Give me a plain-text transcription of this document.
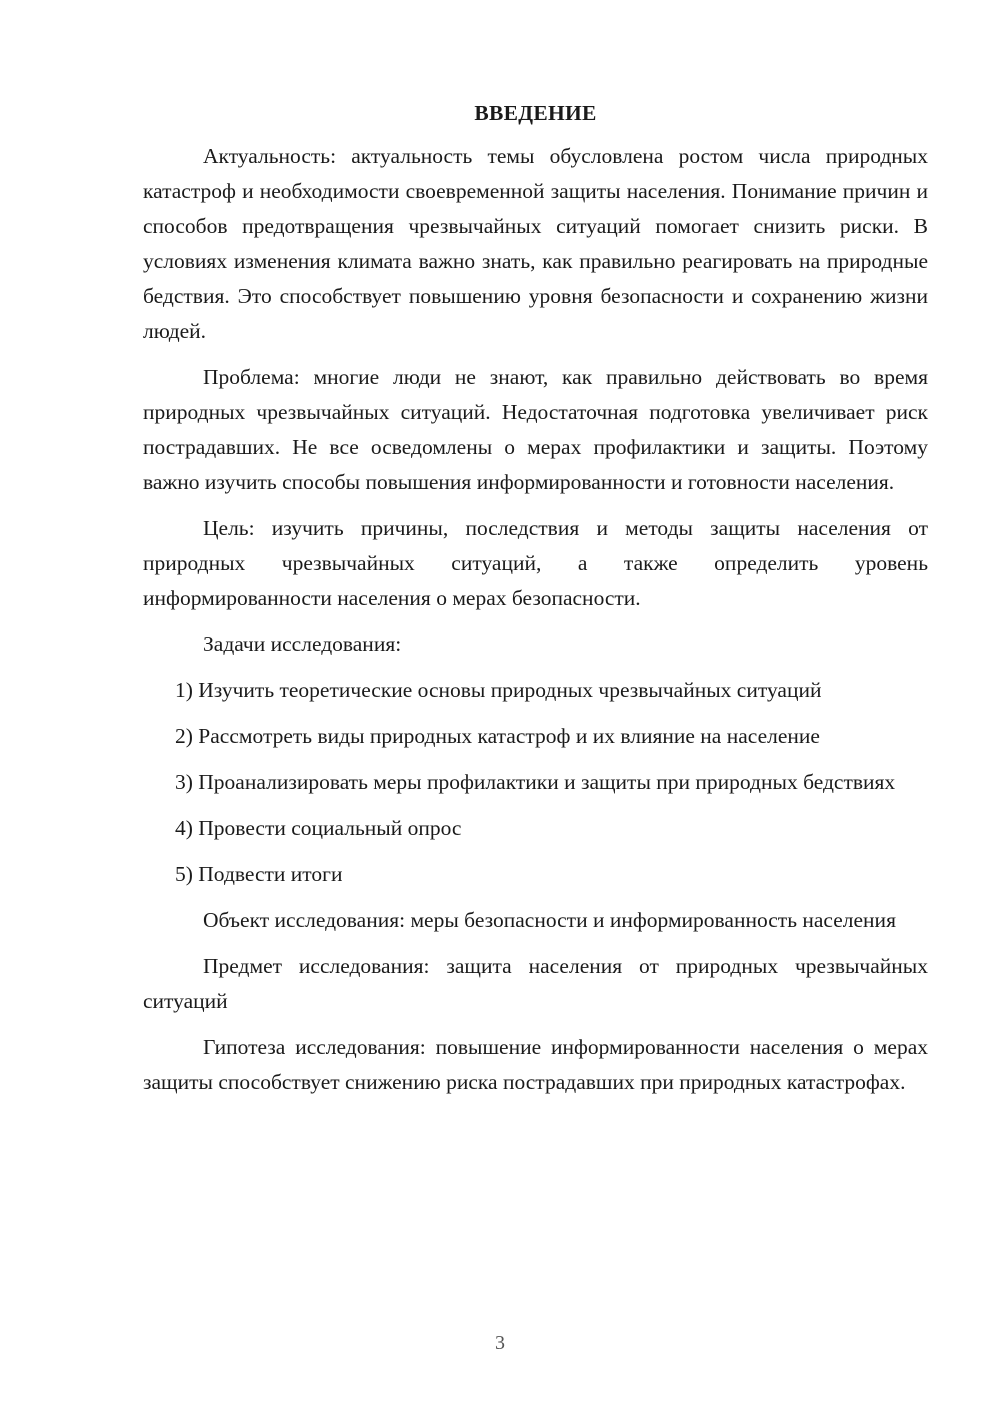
ВВЕДЕНИЕ

Актуальность: актуальность темы обусловлена ростом числа природных катастроф и необходимости своевременной защиты населения. Понимание причин и способов предотвращения чрезвычайных ситуаций помогает снизить риски. В условиях изменения климата важно знать, как правильно реагировать на природные бедствия. Это способствует повышению уровня безопасности и сохранению жизни людей.

Проблема: многие люди не знают, как правильно действовать во время природных чрезвычайных ситуаций. Недостаточная подготовка увеличивает риск пострадавших. Не все осведомлены о мерах профилактики и защиты. Поэтому важно изучить способы повышения информированности и готовности населения.

Цель: изучить причины, последствия и методы защиты населения от природных чрезвычайных ситуаций, а также определить уровень информированности населения о мерах безопасности.

Задачи исследования:

1) Изучить теоретические основы природных чрезвычайных ситуаций

2) Рассмотреть виды природных катастроф и их влияние на население

3) Проанализировать меры профилактики и защиты при природных бедствиях

4) Провести социальный опрос

5) Подвести итоги

Объект исследования: меры безопасности и информированность населения

Предмет исследования: защита населения от природных чрезвычайных ситуаций

Гипотеза исследования: повышение информированности населения о мерах защиты способствует снижению риска пострадавших при природных катастрофах.

3
